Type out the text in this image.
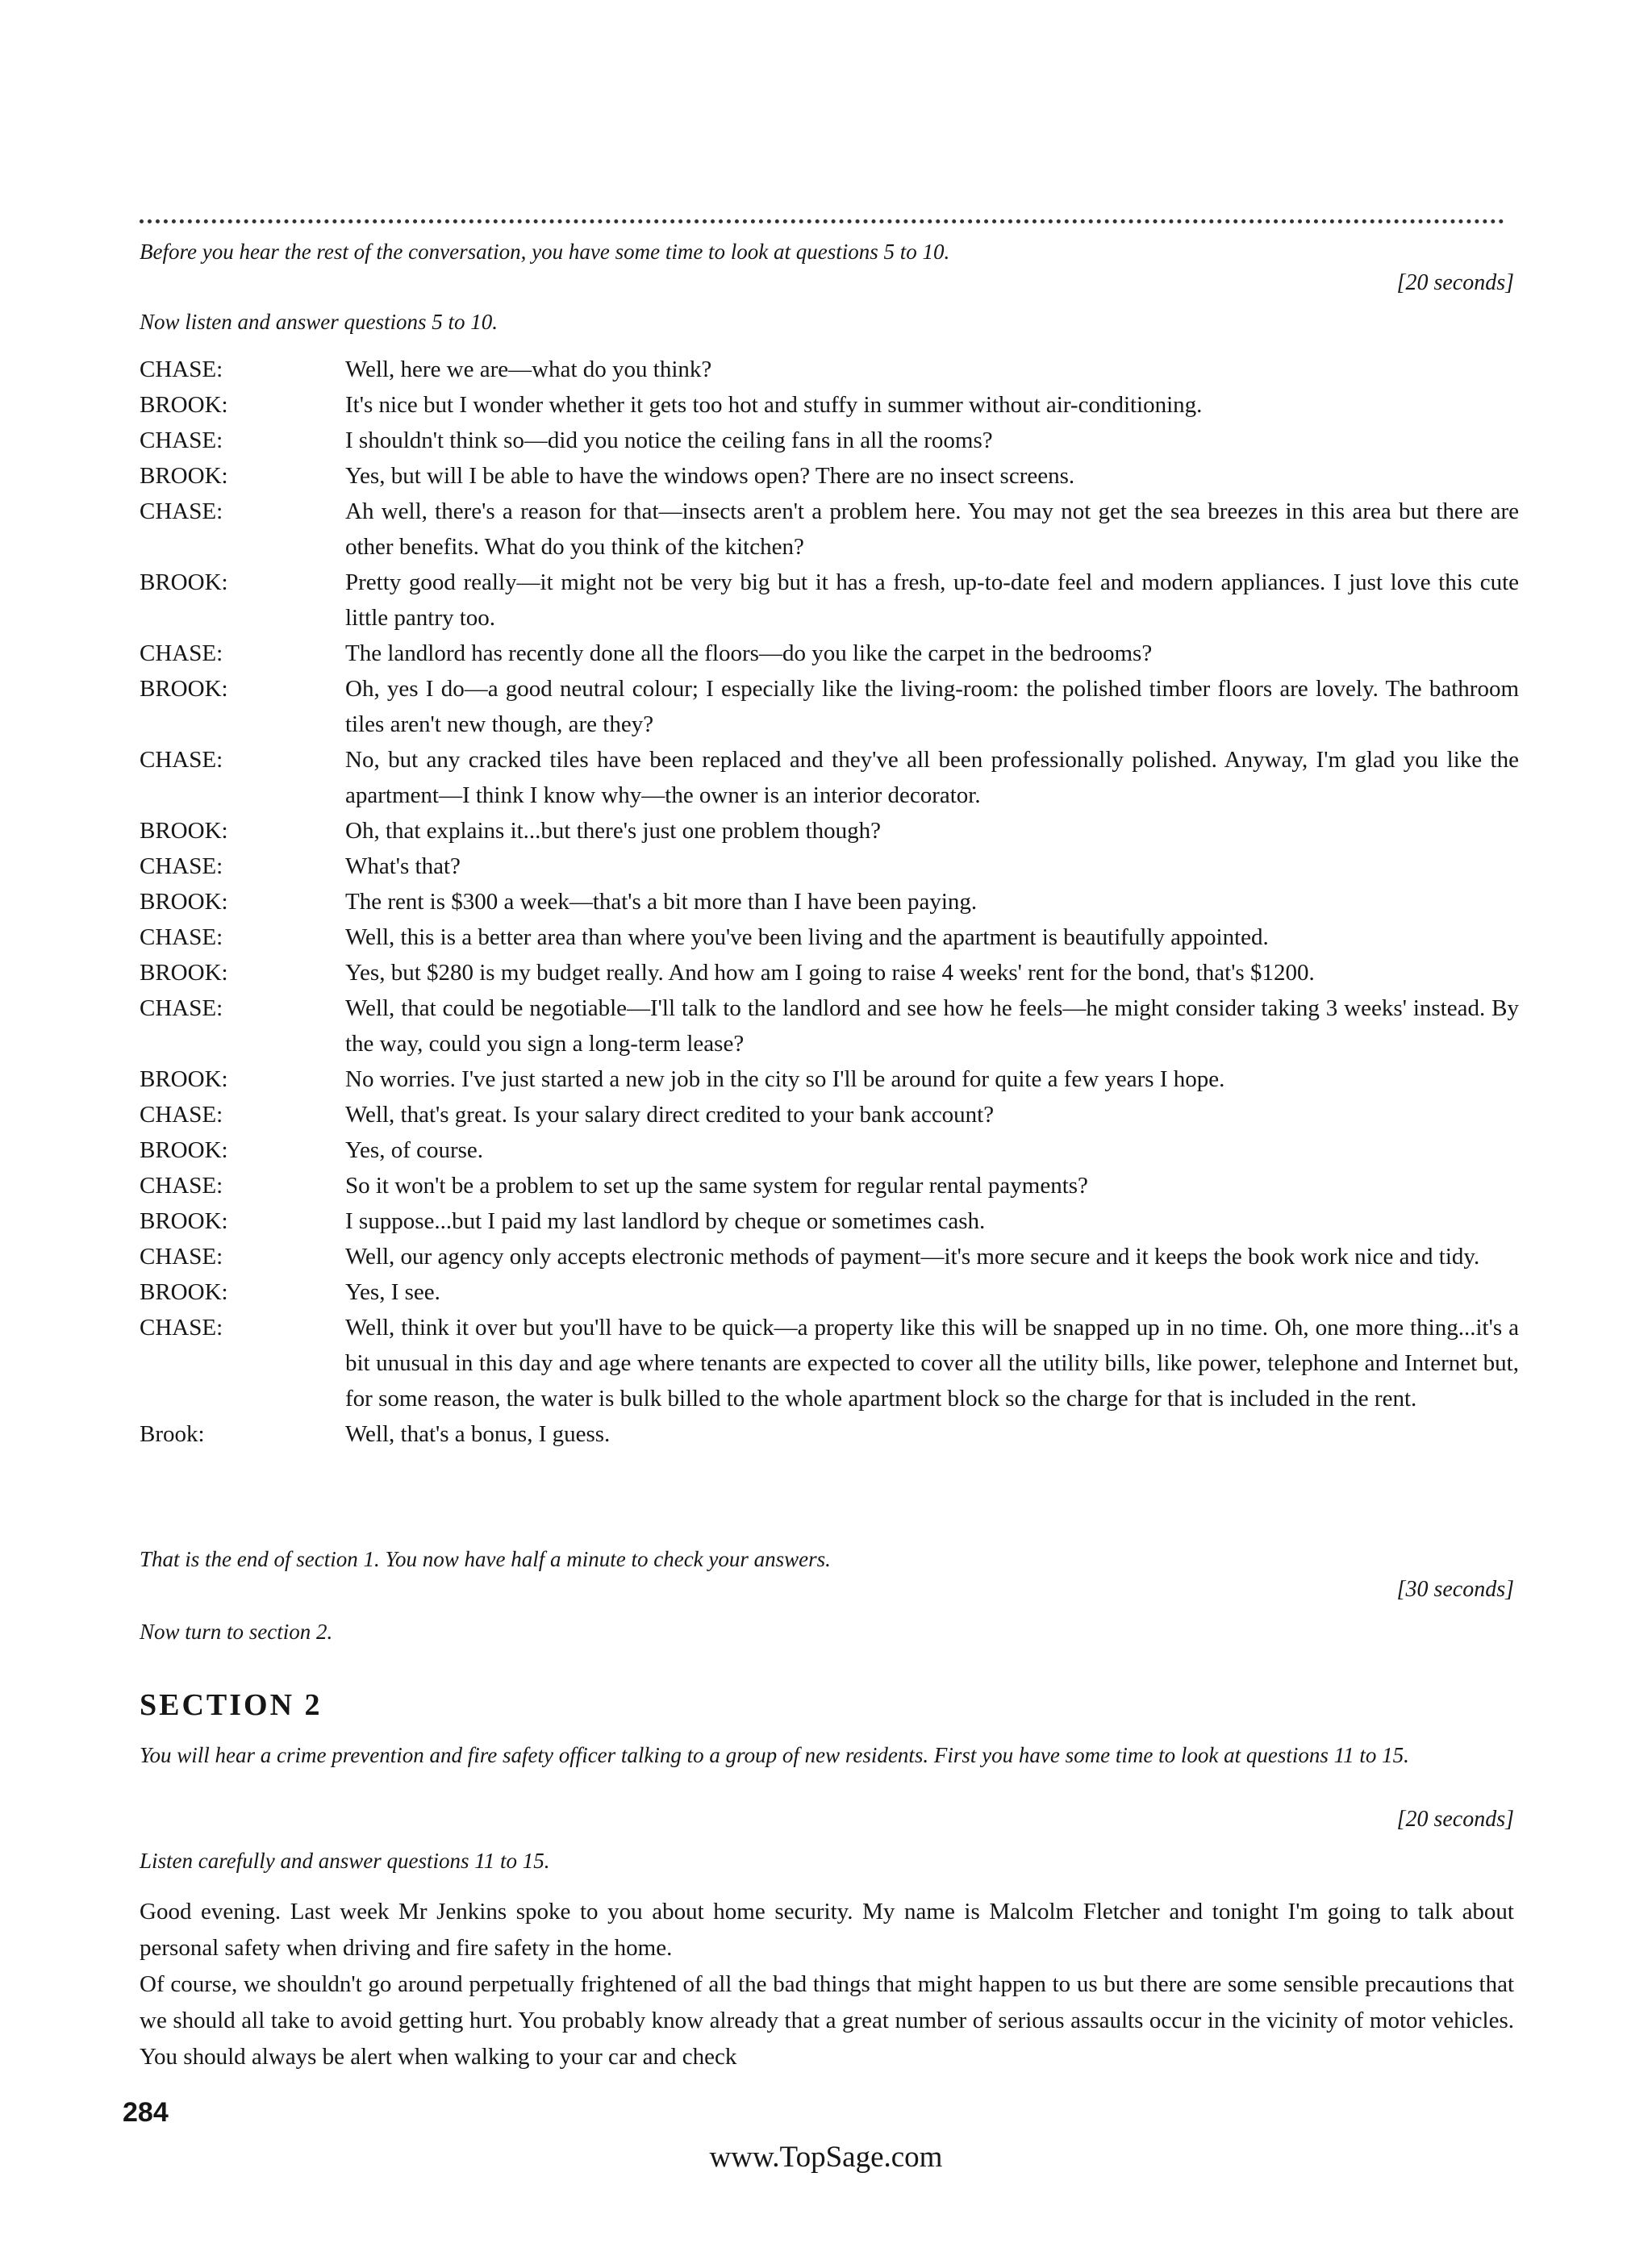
Before you hear the rest of the conversation, you have some time to look at questions 5 to 10.
[20 seconds]
Now listen and answer questions 5 to 10.
CHASE:	Well, here we are—what do you think?
BROOK:	It's nice but I wonder whether it gets too hot and stuffy in summer without air-conditioning.
CHASE:	I shouldn't think so—did you notice the ceiling fans in all the rooms?
BROOK:	Yes, but will I be able to have the windows open? There are no insect screens.
CHASE:	Ah well, there's a reason for that—insects aren't a problem here. You may not get the sea breezes in this area but there are other benefits. What do you think of the kitchen?
BROOK:	Pretty good really—it might not be very big but it has a fresh, up-to-date feel and modern appliances. I just love this cute little pantry too.
CHASE:	The landlord has recently done all the floors—do you like the carpet in the bedrooms?
BROOK:	Oh, yes I do—a good neutral colour; I especially like the living-room: the polished timber floors are lovely. The bathroom tiles aren't new though, are they?
CHASE:	No, but any cracked tiles have been replaced and they've all been professionally polished. Anyway, I'm glad you like the apartment—I think I know why—the owner is an interior decorator.
BROOK:	Oh, that explains it...but there's just one problem though?
CHASE:	What's that?
BROOK:	The rent is $300 a week—that's a bit more than I have been paying.
CHASE:	Well, this is a better area than where you've been living and the apartment is beautifully appointed.
BROOK:	Yes, but $280 is my budget really. And how am I going to raise 4 weeks' rent for the bond, that's $1200.
CHASE:	Well, that could be negotiable—I'll talk to the landlord and see how he feels—he might consider taking 3 weeks' instead. By the way, could you sign a long-term lease?
BROOK:	No worries. I've just started a new job in the city so I'll be around for quite a few years I hope.
CHASE:	Well, that's great. Is your salary direct credited to your bank account?
BROOK:	Yes, of course.
CHASE:	So it won't be a problem to set up the same system for regular rental payments?
BROOK:	I suppose...but I paid my last landlord by cheque or sometimes cash.
CHASE:	Well, our agency only accepts electronic methods of payment—it's more secure and it keeps the book work nice and tidy.
BROOK:	Yes, I see.
CHASE:	Well, think it over but you'll have to be quick—a property like this will be snapped up in no time. Oh, one more thing...it's a bit unusual in this day and age where tenants are expected to cover all the utility bills, like power, telephone and Internet but, for some reason, the water is bulk billed to the whole apartment block so the charge for that is included in the rent.
Brook:	Well, that's a bonus, I guess.
That is the end of section 1. You now have half a minute to check your answers.
[30 seconds]
Now turn to section 2.
SECTION 2
You will hear a crime prevention and fire safety officer talking to a group of new residents. First you have some time to look at questions 11 to 15.
[20 seconds]
Listen carefully and answer questions 11 to 15.
Good evening. Last week Mr Jenkins spoke to you about home security. My name is Malcolm Fletcher and tonight I'm going to talk about personal safety when driving and fire safety in the home.
Of course, we shouldn't go around perpetually frightened of all the bad things that might happen to us but there are some sensible precautions that we should all take to avoid getting hurt. You probably know already that a great number of serious assaults occur in the vicinity of motor vehicles. You should always be alert when walking to your car and check
284
www.TopSage.com
